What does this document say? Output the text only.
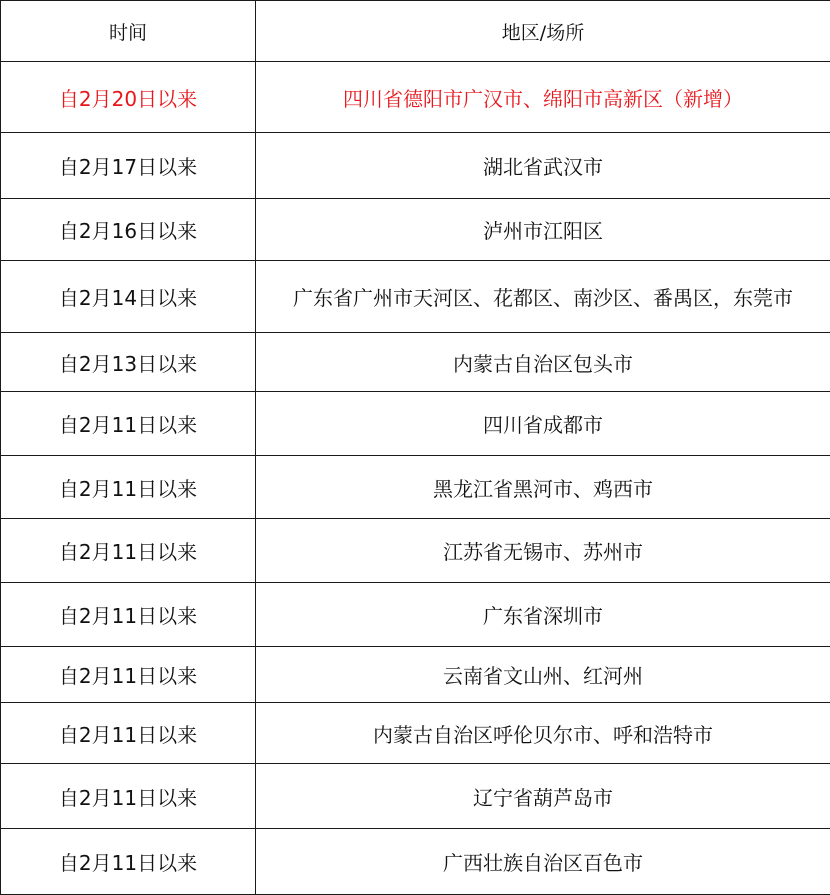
时间	地区/场所
自2月20日以来	四川省德阳市广汉市、绵阳市高新区（新增）
自2月17日以来	湖北省武汉市
自2月16日以来	泸州市江阳区
自2月14日以来	广东省广州市天河区、花都区、南沙区、番禺区，东莞市
自2月13日以来	内蒙古自治区包头市
自2月11日以来	四川省成都市
自2月11日以来	黑龙江省黑河市、鸡西市
自2月11日以来	江苏省无锡市、苏州市
自2月11日以来	广东省深圳市
自2月11日以来	云南省文山州、红河州
自2月11日以来	内蒙古自治区呼伦贝尔市、呼和浩特市
自2月11日以来	辽宁省葫芦岛市
自2月11日以来	广西壮族自治区百色市
